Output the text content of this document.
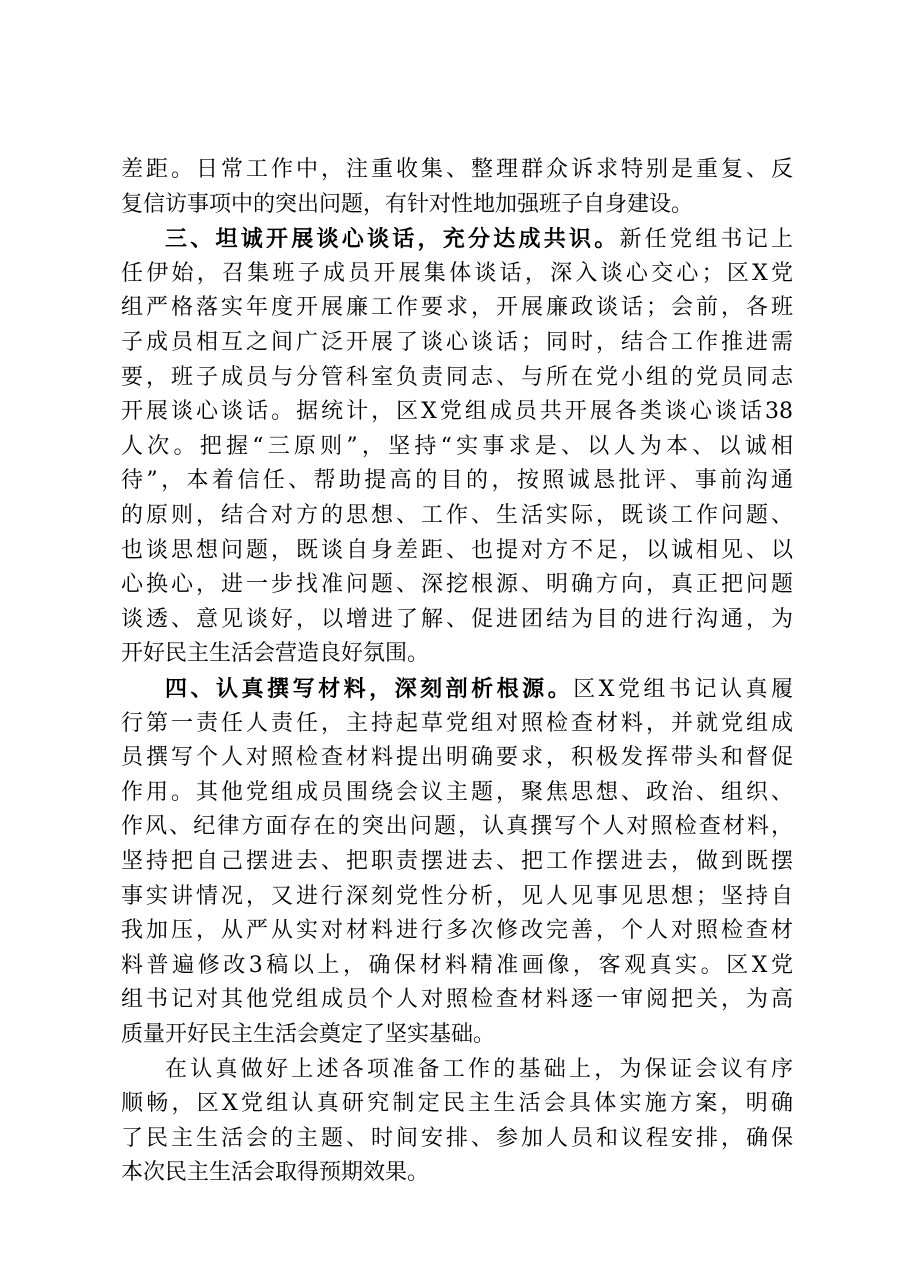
差距。日常工作中，注重收集、整理群众诉求特别是重复、反
复信访事项中的突出问题，有针对性地加强班子自身建设。
三、坦诚开展谈心谈话，充分达成共识。新任党组书记上
任伊始，召集班子成员开展集体谈话，深入谈心交心；区X党
组严格落实年度开展廉工作要求，开展廉政谈话；会前，各班
子成员相互之间广泛开展了谈心谈话；同时，结合工作推进需
要，班子成员与分管科室负责同志、与所在党小组的党员同志
开展谈心谈话。据统计，区X党组成员共开展各类谈心谈话38
人次。把握“三原则”，坚持“实事求是、以人为本、以诚相
待”，本着信任、帮助提高的目的，按照诚恳批评、事前沟通
的原则，结合对方的思想、工作、生活实际，既谈工作问题、
也谈思想问题，既谈自身差距、也提对方不足，以诚相见、以
心换心，进一步找准问题、深挖根源、明确方向，真正把问题
谈透、意见谈好，以增进了解、促进团结为目的进行沟通，为
开好民主生活会营造良好氛围。
四、认真撰写材料，深刻剖析根源。区X党组书记认真履
行第一责任人责任，主持起草党组对照检查材料，并就党组成
员撰写个人对照检查材料提出明确要求，积极发挥带头和督促
作用。其他党组成员围绕会议主题，聚焦思想、政治、组织、
作风、纪律方面存在的突出问题，认真撰写个人对照检查材料，
坚持把自己摆进去、把职责摆进去、把工作摆进去，做到既摆
事实讲情况，又进行深刻党性分析，见人见事见思想；坚持自
我加压，从严从实对材料进行多次修改完善，个人对照检查材
料普遍修改3稿以上，确保材料精准画像，客观真实。区X党
组书记对其他党组成员个人对照检查材料逐一审阅把关，为高
质量开好民主生活会奠定了坚实基础。
在认真做好上述各项准备工作的基础上，为保证会议有序
顺畅，区X党组认真研究制定民主生活会具体实施方案，明确
了民主生活会的主题、时间安排、参加人员和议程安排，确保
本次民主生活会取得预期效果。
